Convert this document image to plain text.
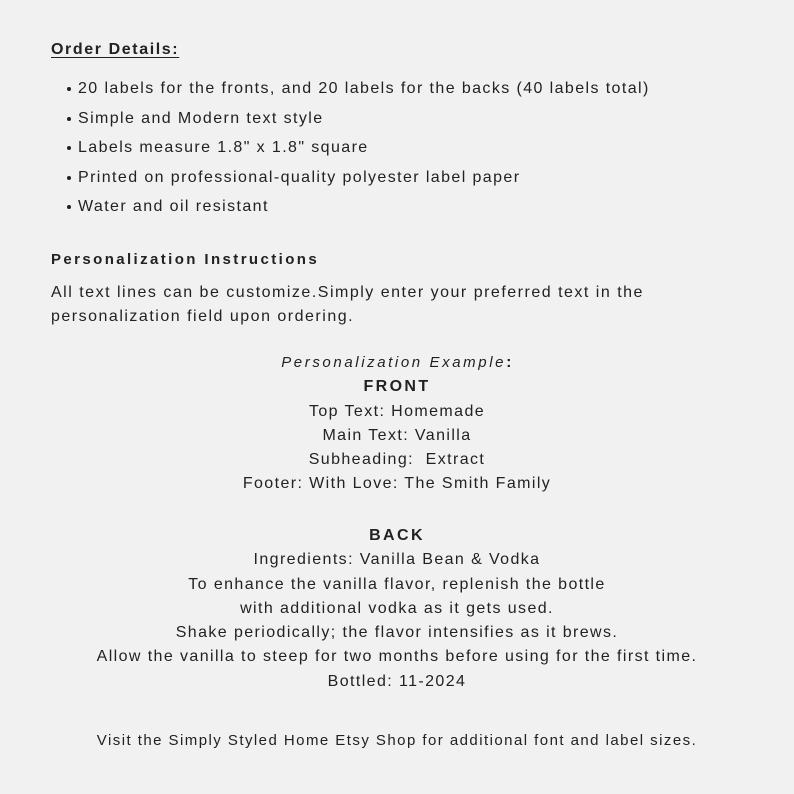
Order Details:
20 labels for the fronts, and 20 labels for the backs (40 labels total)
Simple and Modern text style
Labels measure 1.8" x 1.8" square
Printed on professional-quality polyester label paper
Water and oil resistant
Personalization Instructions
All text lines can be customize.Simply enter your preferred text in the personalization field upon ordering.
Personalization Example:
FRONT
Top Text: Homemade
Main Text: Vanilla
Subheading:  Extract
Footer: With Love: The Smith Family
BACK
Ingredients: Vanilla Bean & Vodka
To enhance the vanilla flavor, replenish the bottle
with additional vodka as it gets used.
Shake periodically; the flavor intensifies as it brews.
Allow the vanilla to steep for two months before using for the first time.
Bottled: 11-2024
Visit the Simply Styled Home Etsy Shop for additional font and label sizes.
